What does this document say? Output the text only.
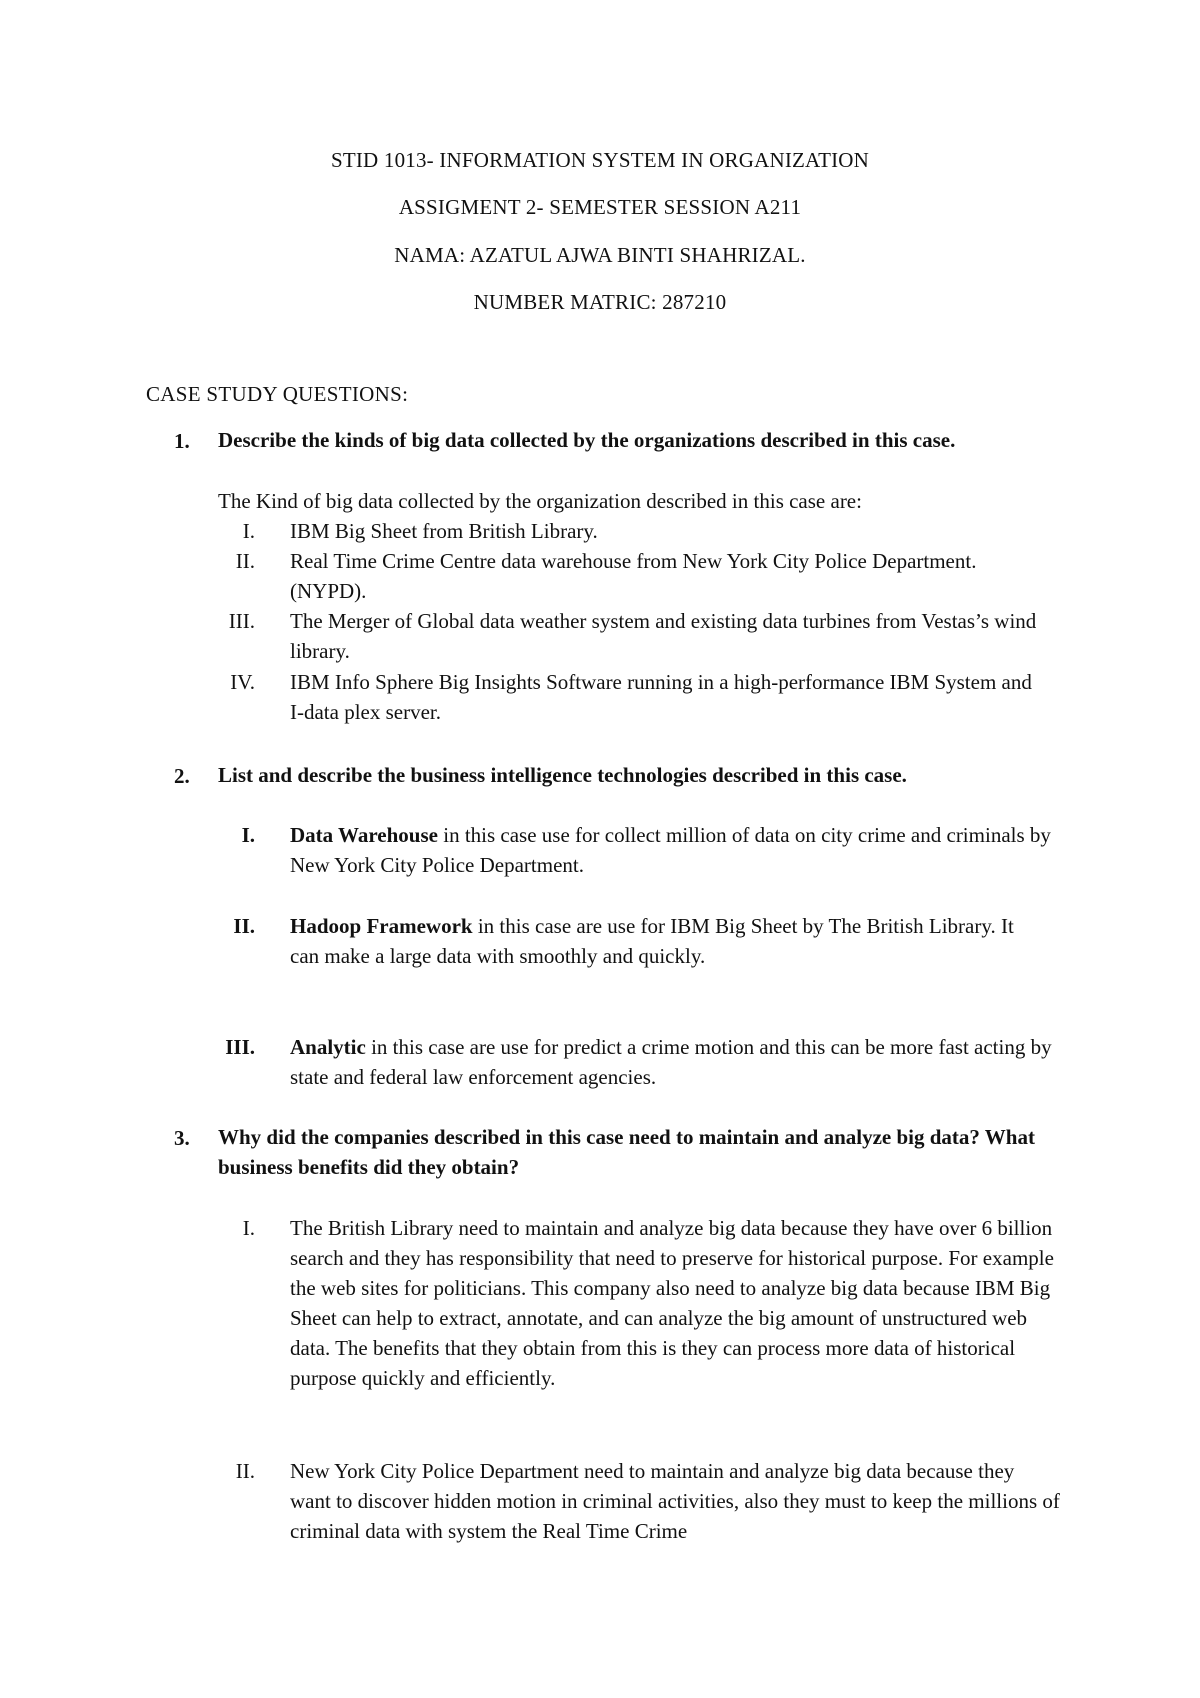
STID 1013- INFORMATION SYSTEM IN ORGANIZATION
ASSIGMENT 2- SEMESTER SESSION A211
NAMA: AZATUL AJWA BINTI SHAHRIZAL.
NUMBER MATRIC: 287210
CASE STUDY QUESTIONS:
1. Describe the kinds of big data collected by the organizations described in this case.
The Kind of big data collected by the organization described in this case are:
I. IBM Big Sheet from British Library.
II. Real Time Crime Centre data warehouse from New York City Police Department. (NYPD).
III. The Merger of Global data weather system and existing data turbines from Vestas’s wind library.
IV. IBM Info Sphere Big Insights Software running in a high-performance IBM System and I-data plex server.
2. List and describe the business intelligence technologies described in this case.
I. Data Warehouse in this case use for collect million of data on city crime and criminals by New York City Police Department.
II. Hadoop Framework in this case are use for IBM Big Sheet by The British Library. It can make a large data with smoothly and quickly.
III. Analytic in this case are use for predict a crime motion and this can be more fast acting by state and federal law enforcement agencies.
3. Why did the companies described in this case need to maintain and analyze big data? What business benefits did they obtain?
I. The British Library need to maintain and analyze big data because they have over 6 billion search and they has responsibility that need to preserve for historical purpose. For example the web sites for politicians. This company also need to analyze big data because IBM Big Sheet can help to extract, annotate, and can analyze the big amount of unstructured web data. The benefits that they obtain from this is they can process more data of historical purpose quickly and efficiently.
II. New York City Police Department need to maintain and analyze big data because they want to discover hidden motion in criminal activities, also they must to keep the millions of criminal data with system the Real Time Crime
